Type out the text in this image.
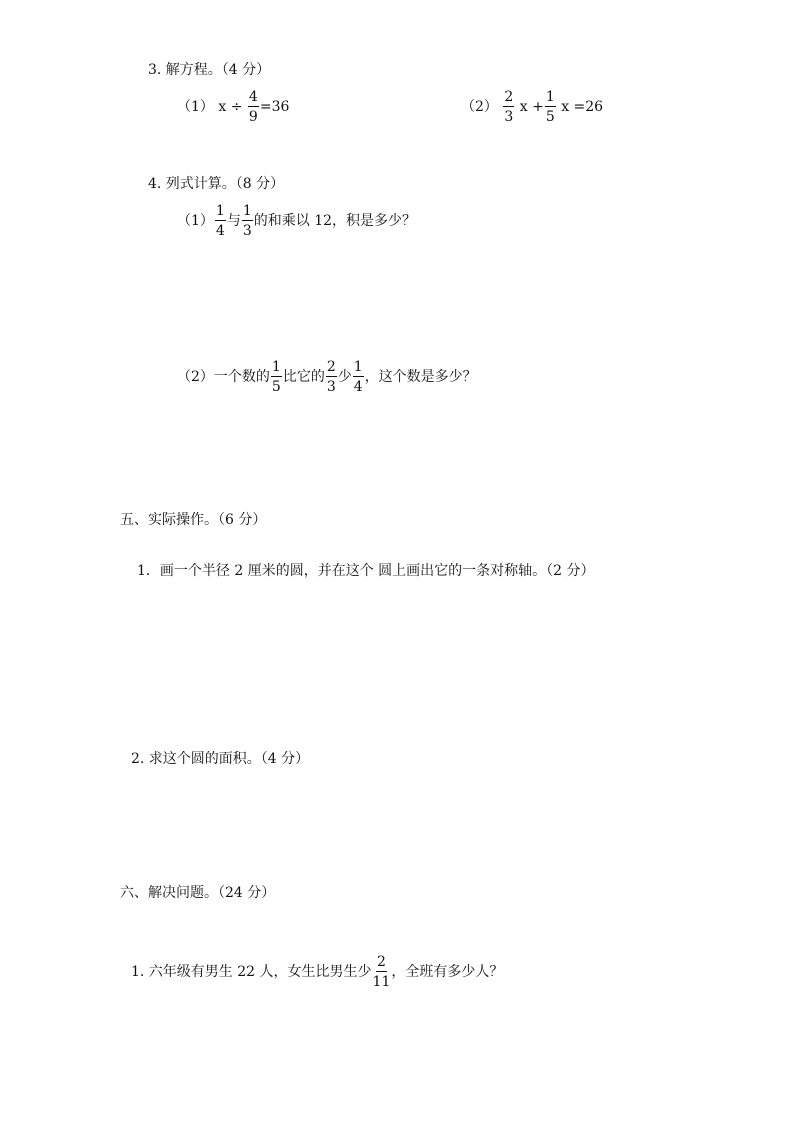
3. 解方程。（4 分）
（1） $x \div \frac{4}{9} =36$	$(2) \frac{2}{3}$ $x + \frac{1}{5}$ x =26
4. 列式计算。（8 分）
$(1) \frac{1}{4}$ 与 $\frac{1}{3}$ 的和乘以 12，积是多少？
（2）一个数的 $\frac{1}{5}$ 比它的 $\frac{2}{3}$ 少 $\frac{1}{4}$ ，这个数是多少？
五、实际操作。（6 分）
1．画一个半径 2 厘米的圆，并在这个 圆上画出它的一条对称轴。（2 分）
2. 求这个圆的面积。（4 分）
六、解决问题。（24 分）
1. 六年级有男生 22 人，女生比男生少 $\frac{2}{11}$ ，全班有多少人？
